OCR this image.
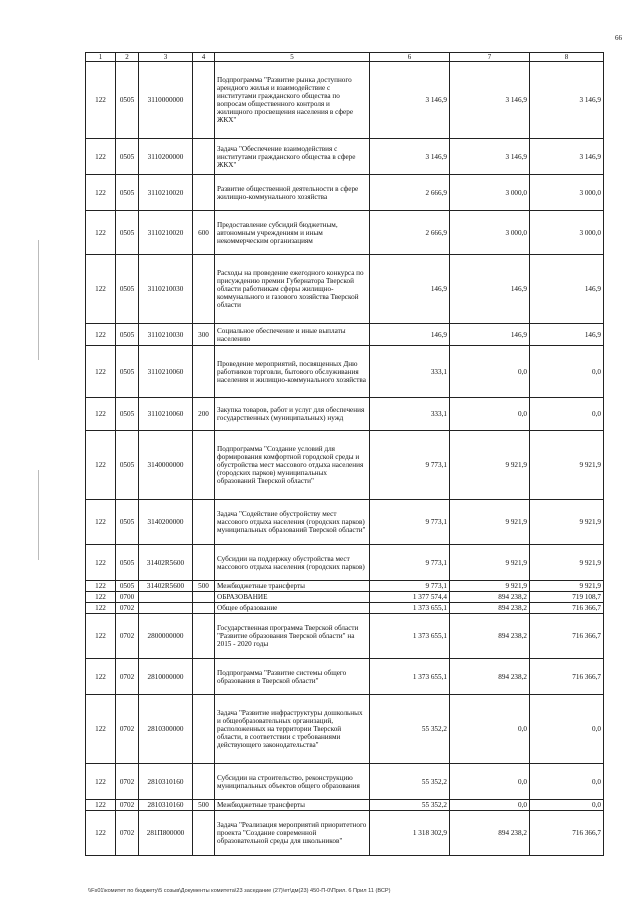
66
1	2	3	4	5	6	7	8
122	0505	3110000000		Подпрограмма "Развитие рынка доступного арендного жилья и взаимодействие с институтами гражданского общества по вопросам общественного контроля и жилищного просвещения населения в сфере ЖКХ"	3 146,9	3 146,9	3 146,9
122	0505	3110200000		Задача "Обеспечение взаимодействия с институтами гражданского общества в сфере ЖКХ"	3 146,9	3 146,9	3 146,9
122	0505	3110210020		Развитие общественной деятельности в сфере жилищно-коммунального хозяйства	2 666,9	3 000,0	3 000,0
122	0505	3110210020	600	Предоставление субсидий бюджетным, автономным учреждениям и иным некоммерческим организациям	2 666,9	3 000,0	3 000,0
122	0505	3110210030		Расходы на проведение ежегодного конкурса по присуждению премии Губернатора Тверской области работникам сферы жилищно-коммунального и газового хозяйства Тверской области	146,9	146,9	146,9
122	0505	3110210030	300	Социальное обеспечение и иные выплаты населению	146,9	146,9	146,9
122	0505	3110210060		Проведение мероприятий, посвященных Дню работников торговли, бытового обслуживания населения и жилищно-коммунального хозяйства	333,1	0,0	0,0
122	0505	3110210060	200	Закупка товаров, работ и услуг для обеспечения государственных (муниципальных) нужд	333,1	0,0	0,0
122	0505	3140000000		Подпрограмма "Создание условий для формирования комфортной городской среды и обустройства мест массового отдыха населения (городских парков) муниципальных образований Тверской области"	9 773,1	9 921,9	9 921,9
122	0505	3140200000		Задача "Содействие обустройству мест массового отдыха населения (городских парков) муниципальных образований Тверской области"	9 773,1	9 921,9	9 921,9
122	0505	31402R5600		Субсидии на поддержку обустройства мест массового отдыха населения (городских парков)	9 773,1	9 921,9	9 921,9
122	0505	31402R5600	500	Межбюджетные трансферты	9 773,1	9 921,9	9 921,9
122	0700			ОБРАЗОВАНИЕ	1 377 574,4	894 238,2	719 108,7
122	0702			Общее образование	1 373 655,1	894 238,2	716 366,7
122	0702	2800000000		Государственная программа Тверской области "Развитие образования Тверской области" на 2015 - 2020 годы	1 373 655,1	894 238,2	716 366,7
122	0702	2810000000		Подпрограмма "Развитие системы общего образования в Тверской области"	1 373 655,1	894 238,2	716 366,7
122	0702	2810300000		Задача "Развитие инфраструктуры дошкольных и общеобразовательных организаций, расположенных на территории Тверской области, в соответствии с требованиями действующего законодательства"	55 352,2	0,0	0,0
122	0702	2810310160		Субсидии на строительство, реконструкцию муниципальных объектов общего образования	55 352,2	0,0	0,0
122	0702	2810310160	500	Межбюджетные трансферты	55 352,2	0,0	0,0
122	0702	281П800000		Задача "Реализация мероприятий приоритетного проекта "Создание современной образовательной среды для школьников"	1 318 302,9	894 238,2	716 366,7
\\Fs01\комитет по бюджету\5 созыв\Документы комитета\23 заседание (27)\ет\дм(23) 450-П-0\Прил. 6 Прил 11 (ВСР)
